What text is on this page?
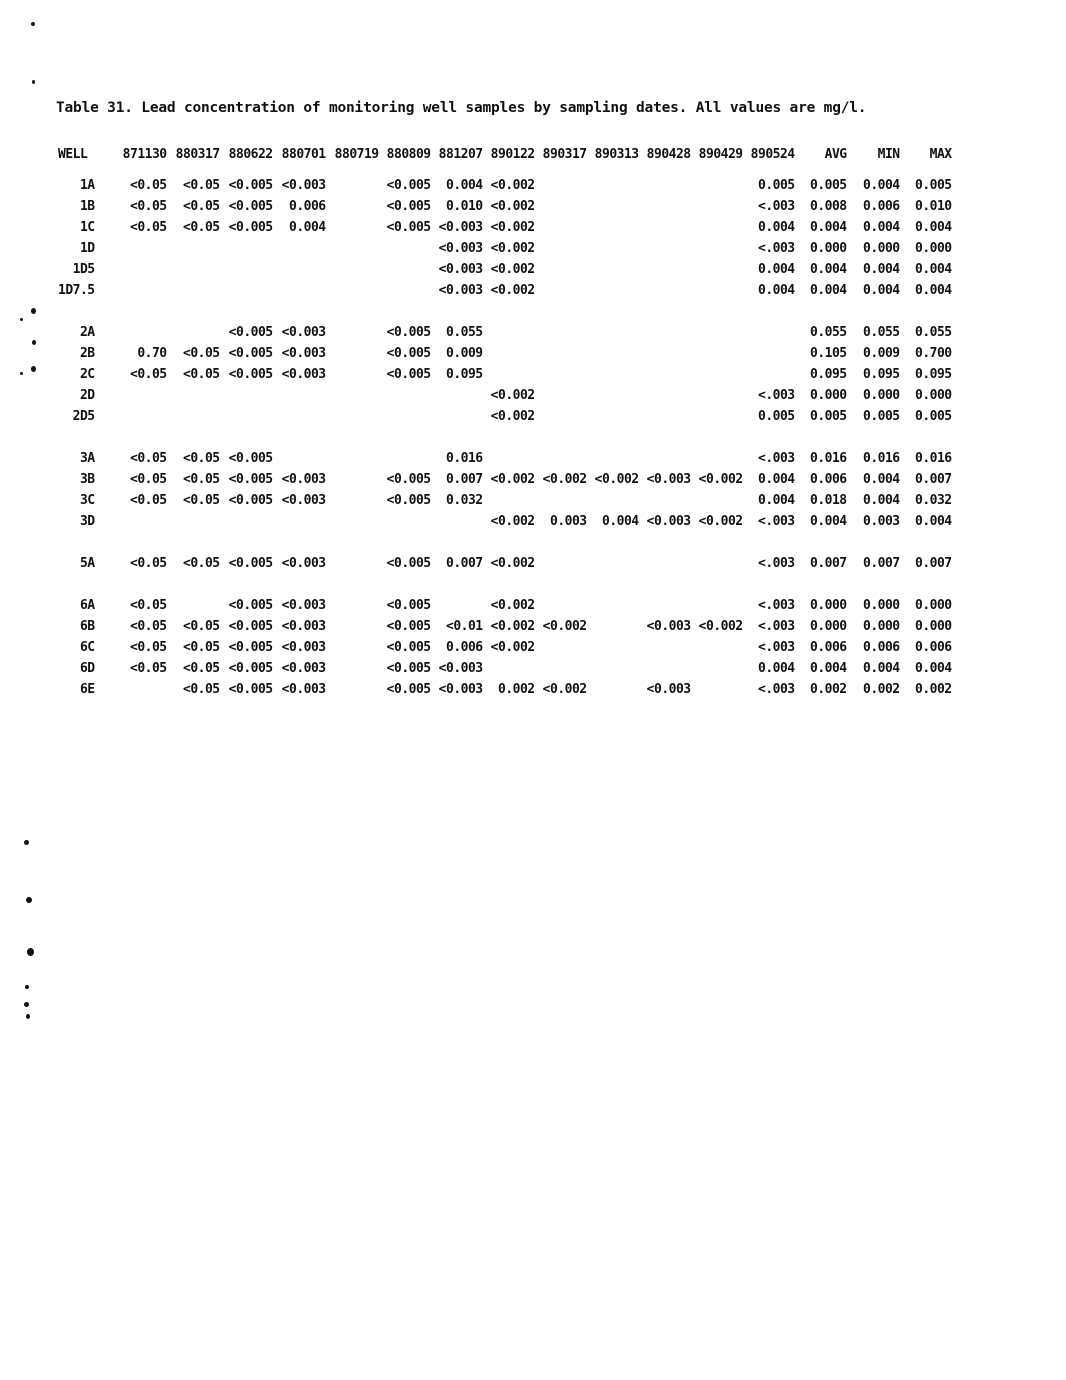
Table 31. Lead concentration of monitoring well samples by sampling dates. All values are mg/l.
WELL	871130	880317	880622	880701	880719	880809	881207	890122	890317	890313	890428	890429	890524	AVG	MIN	MAX

1A	<0.05	<0.05	<0.005	<0.003		<0.005	0.004	<0.002					0.005	0.005	0.004	0.005
1B	<0.05	<0.05	<0.005	0.006		<0.005	0.010	<0.002					<.003	0.008	0.006	0.010
1C	<0.05	<0.05	<0.005	0.004		<0.005	<0.003	<0.002					0.004	0.004	0.004	0.004
1D							<0.003	<0.002					<.003	0.000	0.000	0.000
1D5							<0.003	<0.002					0.004	0.004	0.004	0.004
1D7.5							<0.003	<0.002					0.004	0.004	0.004	0.004

2A			<0.005	<0.003		<0.005	0.055							0.055	0.055	0.055
2B	0.70	<0.05	<0.005	<0.003		<0.005	0.009							0.105	0.009	0.700
2C	<0.05	<0.05	<0.005	<0.003		<0.005	0.095							0.095	0.095	0.095
2D								<0.002					<.003	0.000	0.000	0.000
2D5								<0.002					0.005	0.005	0.005	0.005

3A	<0.05	<0.05	<0.005				0.016						<.003	0.016	0.016	0.016
3B	<0.05	<0.05	<0.005	<0.003		<0.005	0.007	<0.002	<0.002	<0.002	<0.003	<0.002	0.004	0.006	0.004	0.007
3C	<0.05	<0.05	<0.005	<0.003		<0.005	0.032						0.004	0.018	0.004	0.032
3D								<0.002	0.003	0.004	<0.003	<0.002	<.003	0.004	0.003	0.004

5A	<0.05	<0.05	<0.005	<0.003		<0.005	0.007	<0.002					<.003	0.007	0.007	0.007

6A	<0.05		<0.005	<0.003		<0.005		<0.002					<.003	0.000	0.000	0.000
6B	<0.05	<0.05	<0.005	<0.003		<0.005	<0.01	<0.002	<0.002		<0.003	<0.002	<.003	0.000	0.000	0.000
6C	<0.05	<0.05	<0.005	<0.003		<0.005	0.006	<0.002					<.003	0.006	0.006	0.006
6D	<0.05	<0.05	<0.005	<0.003		<0.005	<0.003						0.004	0.004	0.004	0.004
6E		<0.05	<0.005	<0.003		<0.005	<0.003	0.002	<0.002		<0.003		<.003	0.002	0.002	0.002
